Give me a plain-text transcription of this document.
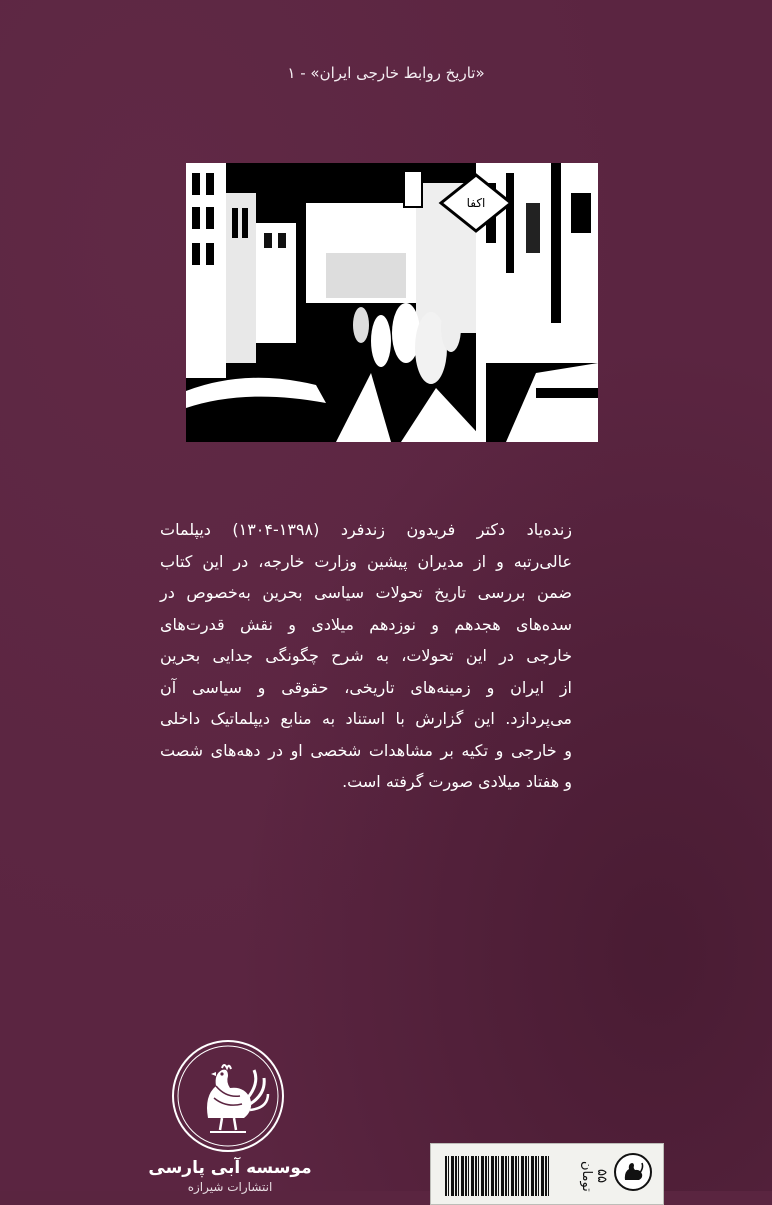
«تاریخ روابط خارجی ایران» - ۱
اکفا
زنده‌یاد دکتر فریدون زندفرد (۱۳۹۸-۱۳۰۴) دیپلمات
عالی‌رتبه و از مدیران پیشین وزارت خارجه، در این کتاب
ضمن بررسی تاریخ تحولات سیاسی بحرین به‌خصوص در
سده‌های هجدهم و نوزدهم میلادی و نقش قدرت‌های
خارجی در این تحولات، به شرح چگونگی جدایی بحرین
از ایران و زمینه‌های تاریخی، حقوقی و سیاسی آن
می‌پردازد. این گزارش با استناد به منابع دیپلماتیک داخلی
و خارجی و تکیه بر مشاهدات شخصی او در دهه‌های شصت
و هفتاد میلادی صورت گرفته است.
موسسه آبی پارسی
انتشارات شیرازه
۵۵ تومان
